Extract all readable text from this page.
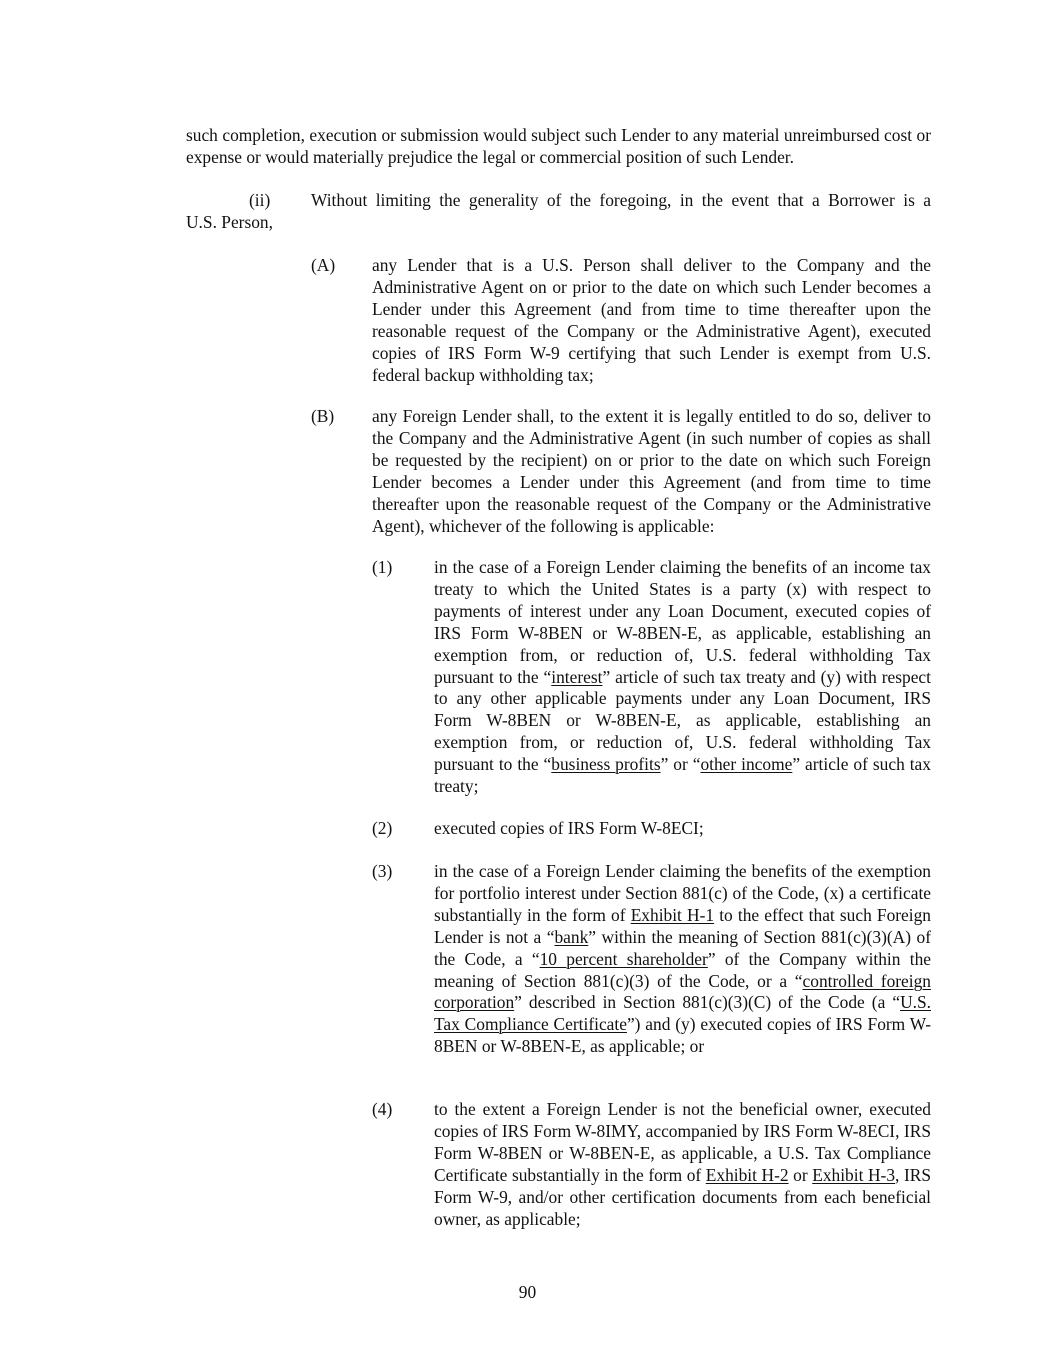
such completion, execution or submission would subject such Lender to any material unreimbursed cost or expense or would materially prejudice the legal or commercial position of such Lender.

(ii) Without limiting the generality of the foregoing, in the event that a Borrower is a

U.S. Person,
(A) any Lender that is a U.S. Person shall deliver to the Company and the Administrative Agent on or prior to the date on which such Lender becomes a Lender under this Agreement (and from time to time thereafter upon the reasonable request of the Company or the Administrative Agent), executed copies of IRS Form W-9 certifying that such Lender is exempt from U.S. federal backup withholding tax;

(B) any Foreign Lender shall, to the extent it is legally entitled to do so, deliver to the Company and the Administrative Agent (in such number of copies as shall be requested by the recipient) on or prior to the date on which such Foreign Lender becomes a Lender under this Agreement (and from time to time thereafter upon the reasonable request of the Company or the Administrative Agent), whichever of the following is applicable:

(1) in the case of a Foreign Lender claiming the benefits of an income tax treaty to which the United States is a party (x) with respect to payments of interest under any Loan Document, executed copies of IRS Form W-8BEN or W-8BEN-E, as applicable, establishing an exemption from, or reduction of, U.S. federal withholding Tax pursuant to the “interest” article of such tax treaty and (y) with respect to any other applicable payments under any Loan Document, IRS Form W-8BEN or W-8BEN-E, as applicable, establishing an exemption from, or reduction of, U.S. federal withholding Tax pursuant to the “business profits” or “other income” article of such tax treaty;

(2) executed copies of IRS Form W-8ECI;

(3) in the case of a Foreign Lender claiming the benefits of the exemption for portfolio interest under Section 881(c) of the Code, (x) a certificate substantially in the form of Exhibit H-1 to the effect that such Foreign Lender is not a “bank” within the meaning of Section 881(c)(3)(A) of the Code, a “10 percent shareholder” of the Company within the meaning of Section 881(c)(3) of the Code, or a “controlled foreign corporation” described in Section 881(c)(3)(C) of the Code (a “U.S. Tax Compliance Certificate”) and (y) executed copies of IRS Form W-8BEN or W-8BEN-E, as applicable; or

(4) to the extent a Foreign Lender is not the beneficial owner, executed copies of IRS Form W-8IMY, accompanied by IRS Form W-8ECI, IRS Form W-8BEN or W-8BEN-E, as applicable, a U.S. Tax Compliance Certificate substantially in the form of Exhibit H-2 or Exhibit H-3, IRS Form W-9, and/or other certification documents from each beneficial owner, as applicable;

90
